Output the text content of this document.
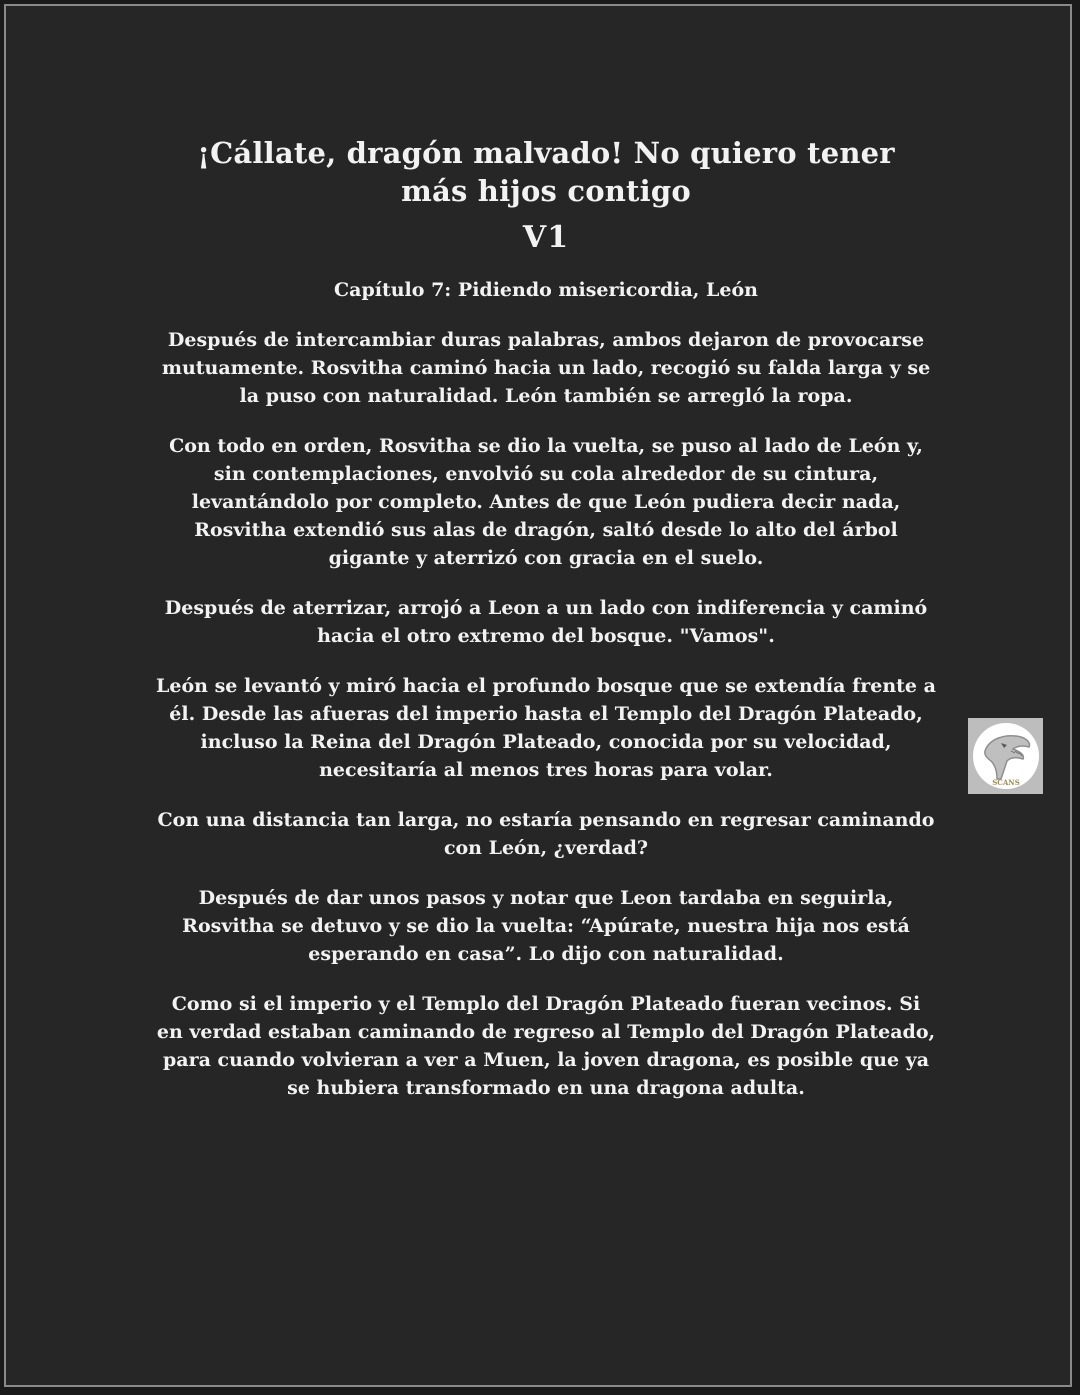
¡Cállate, dragón malvado! No quiero tener
más hijos contigo
V1
Capítulo 7: Pidiendo misericordia, León

Después de intercambiar duras palabras, ambos dejaron de provocarse mutuamente. Rosvitha caminó hacia un lado, recogió su falda larga y se la puso con naturalidad. León también se arregló la ropa.

Con todo en orden, Rosvitha se dio la vuelta, se puso al lado de León y, sin contemplaciones, envolvió su cola alrededor de su cintura, levantándolo por completo. Antes de que León pudiera decir nada, Rosvitha extendió sus alas de dragón, saltó desde lo alto del árbol gigante y aterrizó con gracia en el suelo.

Después de aterrizar, arrojó a Leon a un lado con indiferencia y caminó hacia el otro extremo del bosque. "Vamos".

León se levantó y miró hacia el profundo bosque que se extendía frente a él. Desde las afueras del imperio hasta el Templo del Dragón Plateado, incluso la Reina del Dragón Plateado, conocida por su velocidad, necesitaría al menos tres horas para volar.

Con una distancia tan larga, no estaría pensando en regresar caminando con León, ¿verdad?

Después de dar unos pasos y notar que Leon tardaba en seguirla, Rosvitha se detuvo y se dio la vuelta: “Apúrate, nuestra hija nos está esperando en casa”. Lo dijo con naturalidad.

Como si el imperio y el Templo del Dragón Plateado fueran vecinos. Si en verdad estaban caminando de regreso al Templo del Dragón Plateado, para cuando volvieran a ver a Muen, la joven dragona, es posible que ya se hubiera transformado en una dragona adulta.

SCANS
